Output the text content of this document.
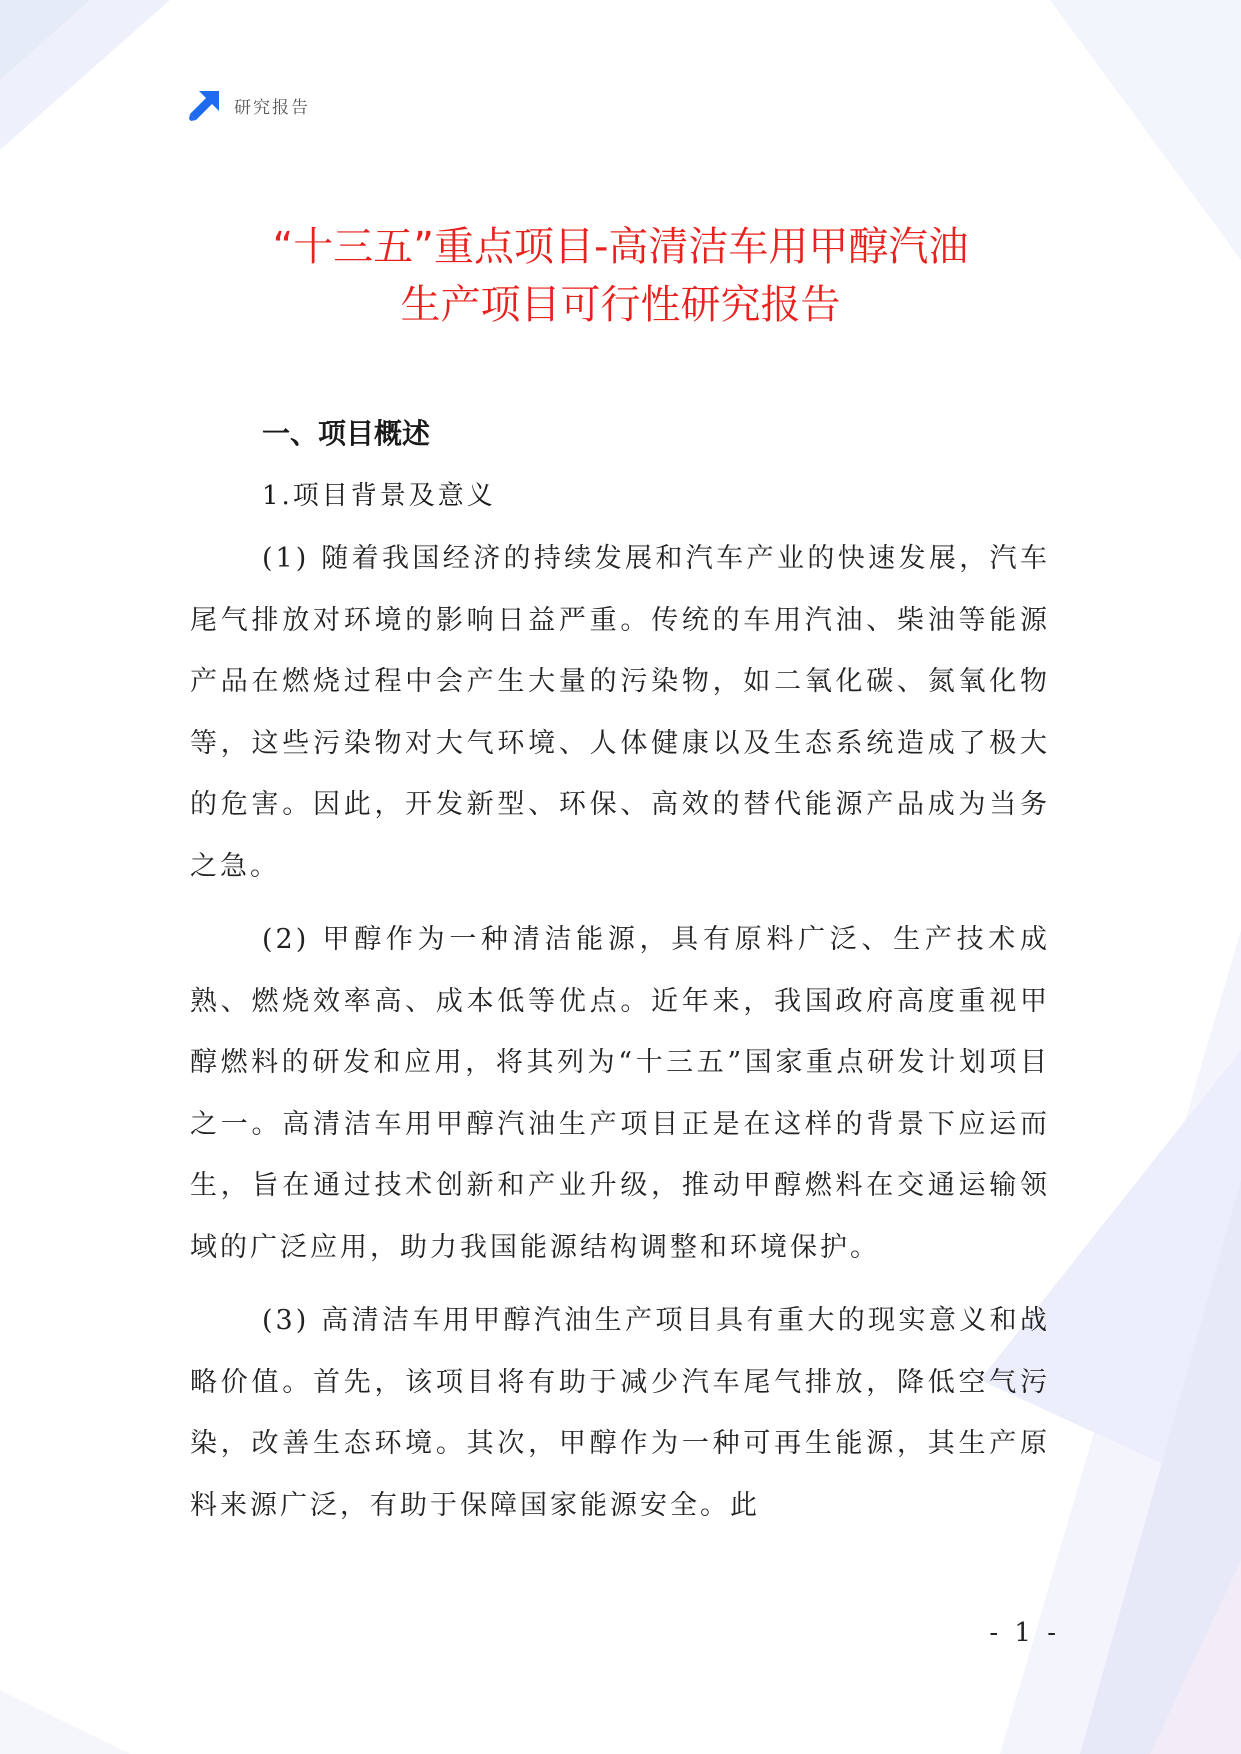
研究报告
“十三五”重点项目-高清洁车用甲醇汽油
生产项目可行性研究报告
一、项目概述
1.项目背景及意义

(1) 随着我国经济的持续发展和汽车产业的快速发展，汽车尾气排放对环境的影响日益严重。传统的车用汽油、柴油等能源产品在燃烧过程中会产生大量的污染物，如二氧化碳、氮氧化物等，这些污染物对大气环境、人体健康以及生态系统造成了极大的危害。因此，开发新型、环保、高效的替代能源产品成为当务之急。

(2) 甲醇作为一种清洁能源，具有原料广泛、生产技术成熟、燃烧效率高、成本低等优点。近年来，我国政府高度重视甲醇燃料的研发和应用，将其列为“十三五”国家重点研发计划项目之一。高清洁车用甲醇汽油生产项目正是在这样的背景下应运而生，旨在通过技术创新和产业升级，推动甲醇燃料在交通运输领域的广泛应用，助力我国能源结构调整和环境保护。

(3) 高清洁车用甲醇汽油生产项目具有重大的现实意义和战略价值。首先，该项目将有助于减少汽车尾气排放，降低空气污染，改善生态环境。其次，甲醇作为一种可再生能源，其生产原料来源广泛，有助于保障国家能源安全。此

- 1 -
